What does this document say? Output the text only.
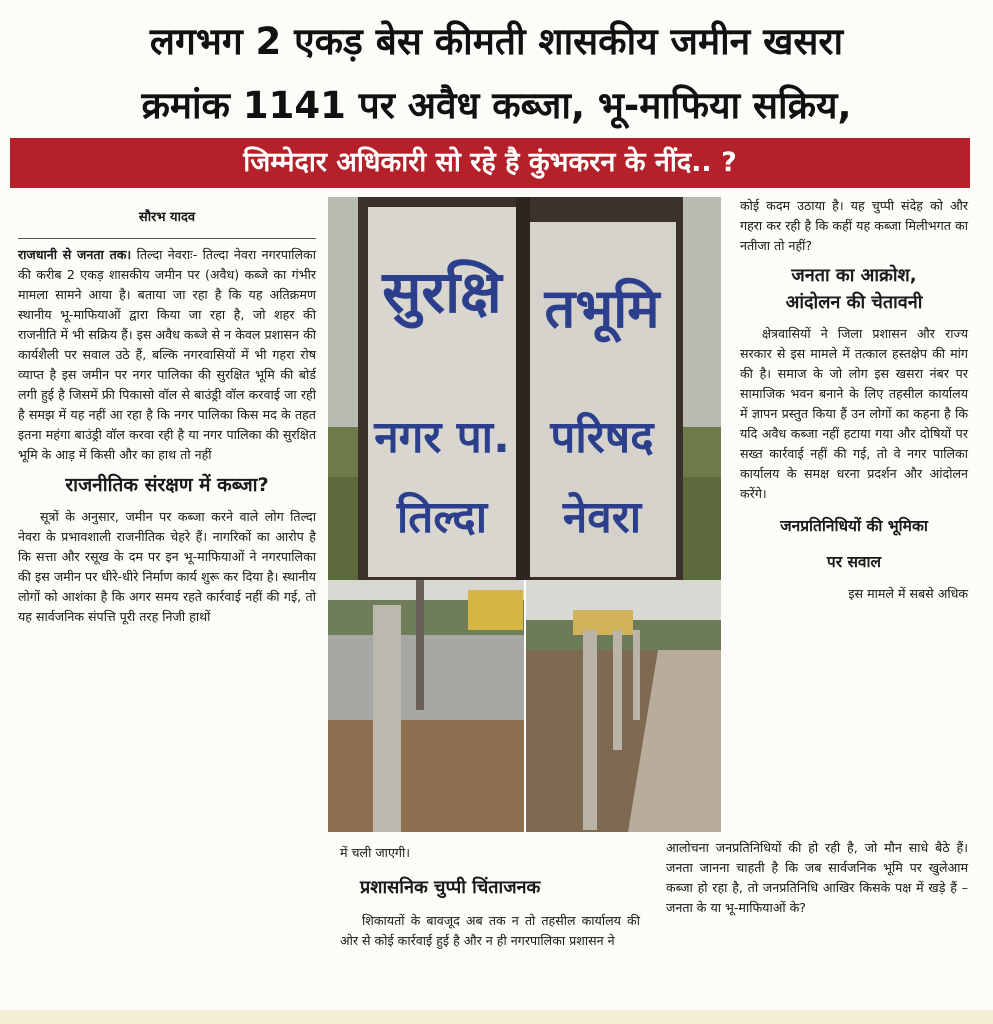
लगभग 2 एकड़ बेस कीमती शासकीय जमीन खसरा
क्रमांक 1141 पर अवैध कब्जा, भू-माफिया सक्रिय,
जिम्मेदार अधिकारी सो रहे है कुंभकरन के नींद.. ?
सौरभ यादव

राजधानी से जनता तक। तिल्दा नेवराः- तिल्दा नेवरा नगरपालिका की करीब 2 एकड़ शासकीय जमीन पर (अवैध) कब्जे का गंभीर मामला सामने आया है। बताया जा रहा है कि यह अतिक्रमण स्थानीय भू-माफियाओं द्वारा किया जा रहा है, जो शहर की राजनीति में भी सक्रिय हैं। इस अवैध कब्जे से न केवल प्रशासन की कार्यशैली पर सवाल उठे हैं, बल्कि नगरवासियों में भी गहरा रोष व्याप्त है इस जमीन पर नगर पालिका की सुरक्षित भूमि की बोर्ड लगी हुई है जिसमें फ्री पिकासो वॉल से बाउंड्री वॉल करवाई जा रही है समझ में यह नहीं आ रहा है कि नगर पालिका किस मद के तहत इतना महंगा बाउंड्री वॉल करवा रही है या नगर पालिका की सुरक्षित भूमि के आड़ में किसी और का हाथ तो नहीं

राजनीतिक संरक्षण में कब्जा?

सूत्रों के अनुसार, जमीन पर कब्जा करने वाले लोग तिल्दा नेवरा के प्रभावशाली राजनीतिक चेहरे हैं। नागरिकों का आरोप है कि सत्ता और रसूख के दम पर इन भू-माफियाओं ने नगरपालिका की इस जमीन पर धीरे-धीरे निर्माण कार्य शुरू कर दिया है। स्थानीय लोगों को आशंका है कि अगर समय रहते कार्रवाई नहीं की गई, तो यह सार्वजनिक संपत्ति पूरी तरह निजी हाथों

सुरक्षि तभूमि
नगर पा. परिषद
तिल्दा नेवरा

में चली जाएगी।

प्रशासनिक चुप्पी चिंताजनक

शिकायतों के बावजूद अब तक न तो तहसील कार्यालय की ओर से कोई कार्रवाई हुई है और न ही नगरपालिका प्रशासन ने

कोई कदम उठाया है। यह चुप्पी संदेह को और गहरा कर रही है कि कहीं यह कब्जा मिलीभगत का नतीजा तो नहीं?

जनता का आक्रोश,
आंदोलन की चेतावनी

क्षेत्रवासियों ने जिला प्रशासन और राज्य सरकार से इस मामले में तत्काल हस्तक्षेप की मांग की है। समाज के जो लोग इस खसरा नंबर पर सामाजिक भवन बनाने के लिए तहसील कार्यालय में ज्ञापन प्रस्तुत किया हैं उन लोगों का कहना है कि यदि अवैध कब्जा नहीं हटाया गया और दोषियों पर सख्त कार्रवाई नहीं की गई, तो वे नगर पालिका कार्यालय के समक्ष धरना प्रदर्शन और आंदोलन करेंगे।

जनप्रतिनिधियों की भूमिका
पर सवाल

इस मामले में सबसे अधिक

आलोचना जनप्रतिनिधियों की हो रही है, जो मौन साधे बैठे हैं। जनता जानना चाहती है कि जब सार्वजनिक भूमि पर खुलेआम कब्जा हो रहा है, तो जनप्रतिनिधि आखिर किसके पक्ष में खड़े हैं – जनता के या भू-माफियाओं के?
